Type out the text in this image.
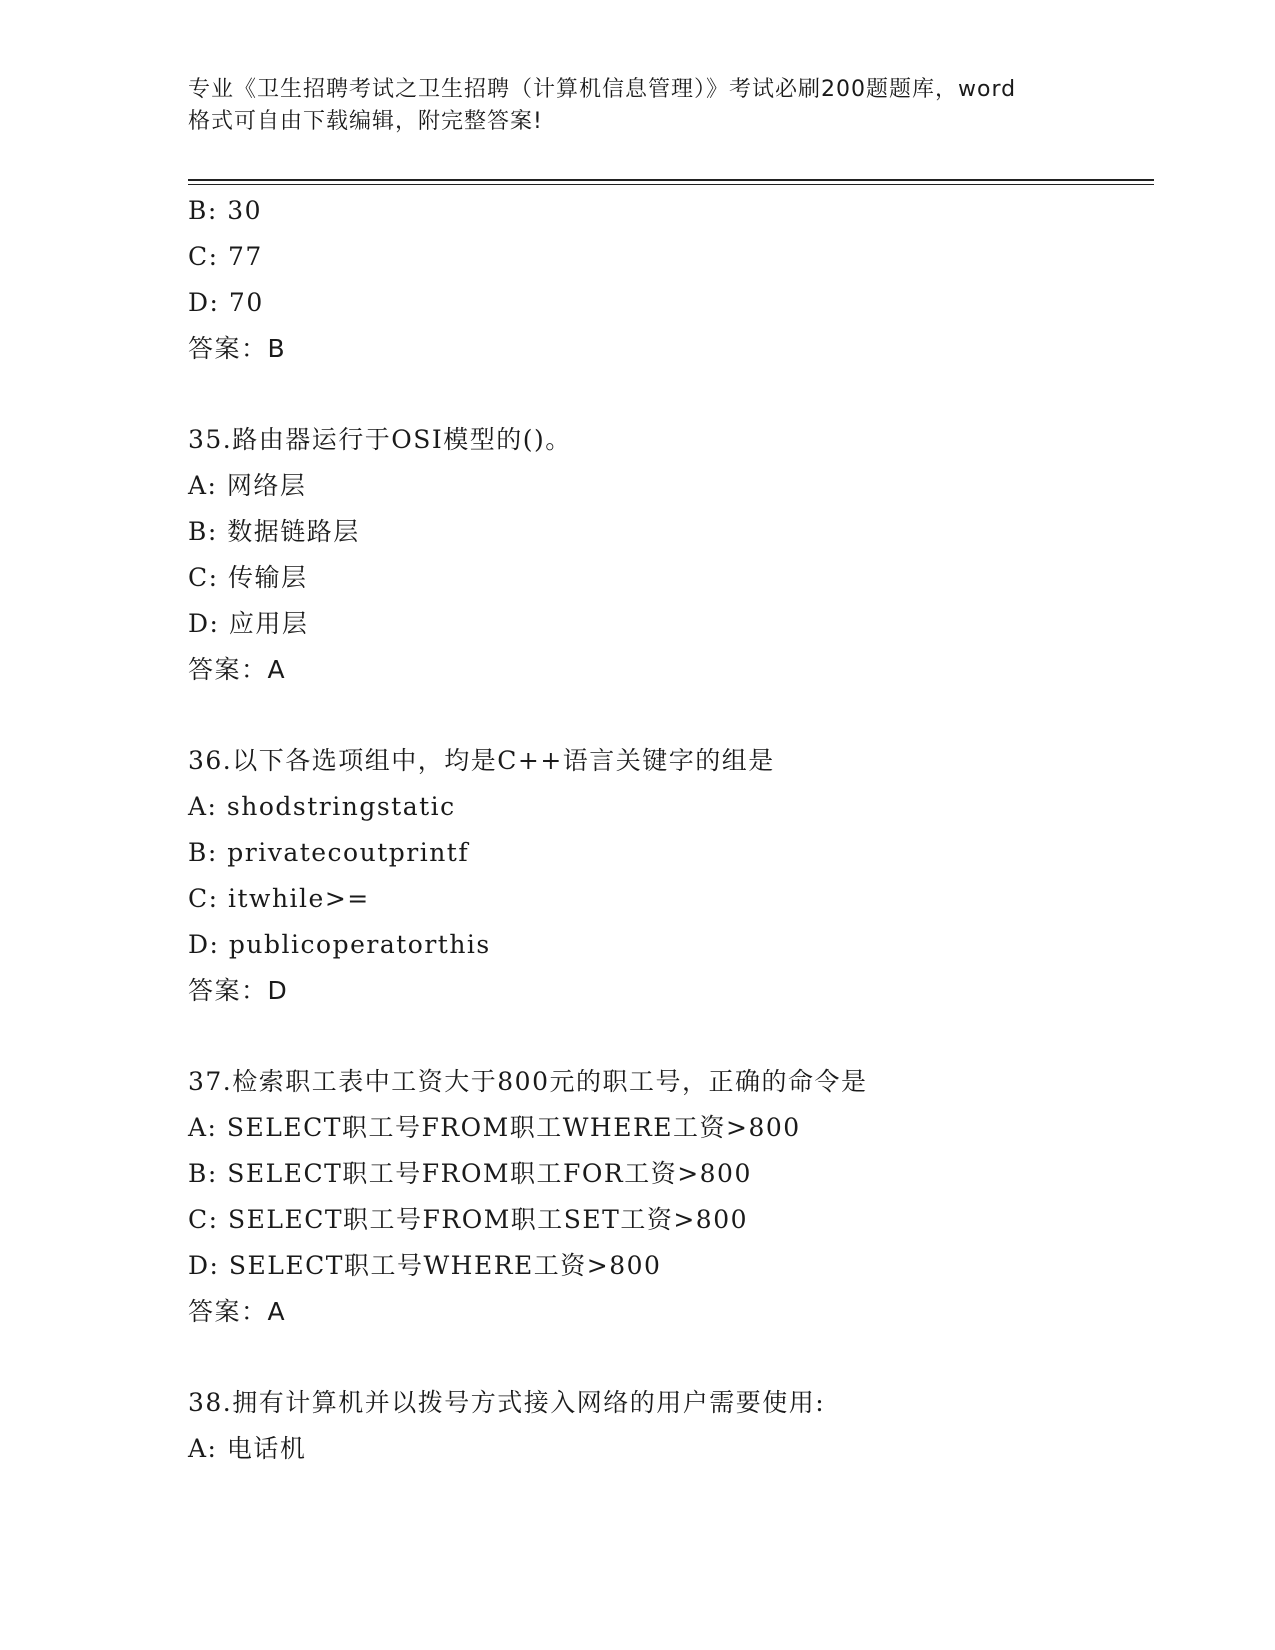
专业《卫生招聘考试之卫生招聘（计算机信息管理）》考试必刷200题题库，word
格式可自由下载编辑，附完整答案!
B: 30
C: 77
D: 70
答案：B
35.路由器运行于OSI模型的()。
A: 网络层
B: 数据链路层
C: 传输层
D: 应用层
答案：A
36.以下各选项组中，均是C++语言关键字的组是
A: shodstringstatic
B: privatecoutprintf
C: itwhile>=
D: publicoperatorthis
答案：D
37.检索职工表中工资大于800元的职工号，正确的命令是
A: SELECT职工号FROM职工WHERE工资>800
B: SELECT职工号FROM职工FOR工资>800
C: SELECT职工号FROM职工SET工资>800
D: SELECT职工号WHERE工资>800
答案：A
38.拥有计算机并以拨号方式接入网络的用户需要使用:
A: 电话机
